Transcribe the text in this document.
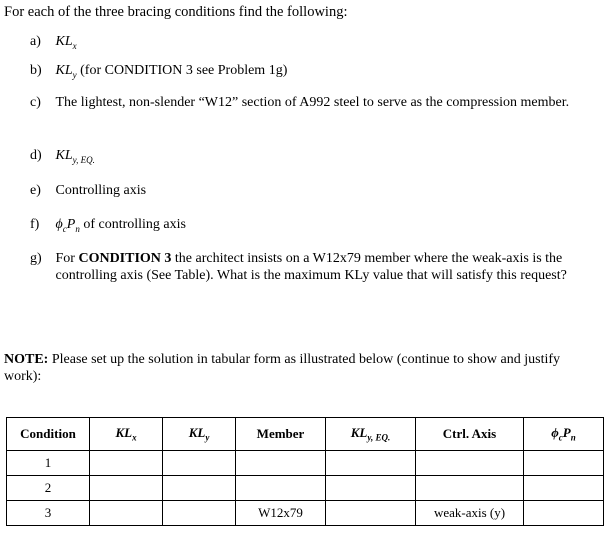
For each of the three bracing conditions find the following:
a) $KL_x$
b) $KL_y$ (for CONDITION 3 see Problem 1g)
c) The lightest, non-slender “W12” section of A992 steel to serve as the compression member.
d) $KL_{y, EQ.}$
e) Controlling axis
f) $\phi_cP_n$ of controlling axis
g) For CONDITION 3 the architect insists on a W12x79 member where the weak-axis is the controlling axis (See Table). What is the maximum KLy value that will satisfy this request?
NOTE: Please set up the solution in tabular form as illustrated below (continue to show and justify work):
Condition	$KL_x$	$KL_y$	Member	$KL_{y, EQ.}$	Ctrl. Axis	$\phi_cP_n$
1						
2						
3			W12x79		weak-axis (y)	
